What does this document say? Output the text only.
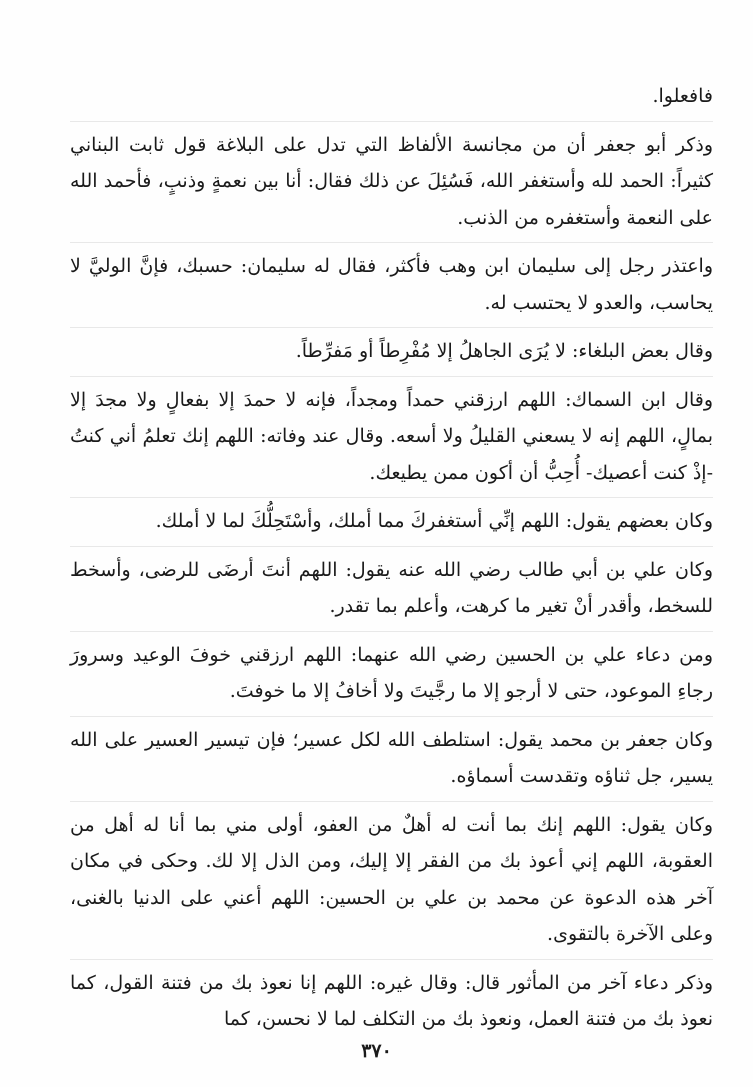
فافعلوا.

وذكر أبو جعفر أن من مجانسة الألفاظ التي تدل على البلاغة قول ثابت البناني كثيراً: الحمد لله وأستغفر الله، فَسُئِلَ عن ذلك فقال: أنا بين نعمةٍ وذنبٍ، فأحمد الله على النعمة وأستغفره من الذنب.

واعتذر رجل إلى سليمان ابن وهب فأكثر، فقال له سليمان: حسبك، فإنَّ الوليَّ لا يحاسب، والعدو لا يحتسب له.

وقال بعض البلغاء: لا يُرَى الجاهلُ إلا مُفْرِطاً أو مَفرِّطاً.

وقال ابن السماك: اللهم ارزقني حمداً ومجداً، فإنه لا حمدَ إلا بفعالٍ ولا مجدَ إلا بمالٍ، اللهم إنه لا يسعني القليلُ ولا أسعه. وقال عند وفاته: اللهم إنك تعلمُ أني كنتُ -إذْ كنت أعصيك- أُحِبُّ أن أكون ممن يطيعك.

وكان بعضهم يقول: اللهم إنِّي أستغفركَ مما أملك، وأسْتَحِلُّكَ لما لا أملك.

وكان علي بن أبي طالب رضي الله عنه يقول: اللهم أنتَ أرضَى للرضى، وأسخط للسخط، وأقدر أنْ تغير ما كرهت، وأعلم بما تقدر.

ومن دعاء علي بن الحسين رضي الله عنهما: اللهم ارزقني خوفَ الوعيد وسرورَ رجاءِ الموعود، حتى لا أرجو إلا ما رجَّيتَ ولا أخافُ إلا ما خوفتَ.

وكان جعفر بن محمد يقول: استلطف الله لكل عسير؛ فإن تيسير العسير على الله يسير، جل ثناؤه وتقدست أسماؤه.

وكان يقول: اللهم إنك بما أنت له أهلٌ من العفو، أولى مني بما أنا له أهل من العقوبة، اللهم إني أعوذ بك من الفقر إلا إليك، ومن الذل إلا لك. وحكى في مكان آخر هذه الدعوة عن محمد بن علي بن الحسين: اللهم أعني على الدنيا بالغنى، وعلى الآخرة بالتقوى.

وذكر دعاء آخر من المأثور قال: وقال غيره: اللهم إنا نعوذ بك من فتنة القول، كما نعوذ بك من فتنة العمل، ونعوذ بك من التكلف لما لا نحسن، كما

٣٧٠
